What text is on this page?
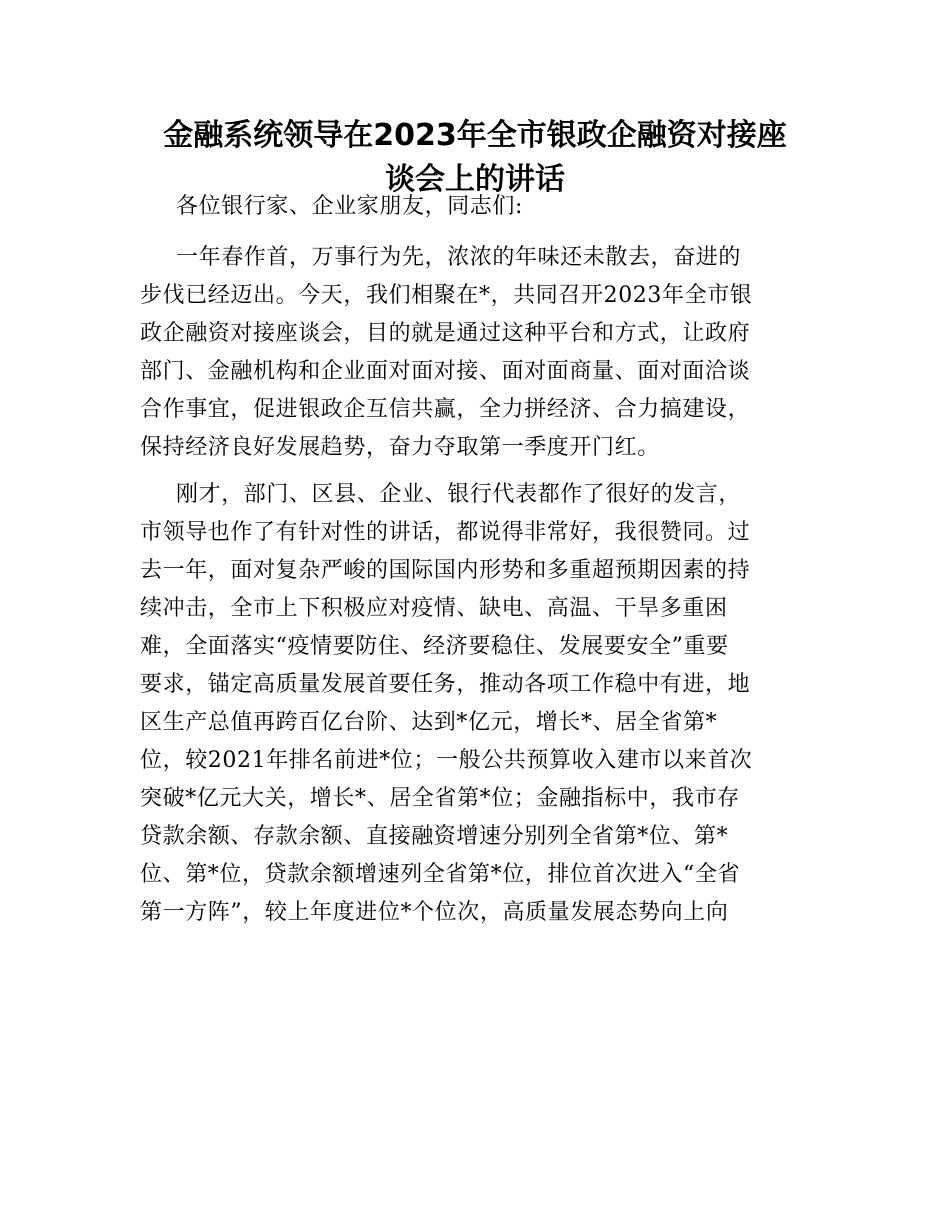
金融系统领导在2023年全市银政企融资对接座
谈会上的讲话

各位银行家、企业家朋友，同志们:

一年春作首，万事行为先，浓浓的年味还未散去，奋进的
步伐已经迈出。今天，我们相聚在*，共同召开2023年全市银
政企融资对接座谈会，目的就是通过这种平台和方式，让政府
部门、金融机构和企业面对面对接、面对面商量、面对面洽谈
合作事宜，促进银政企互信共赢，全力拼经济、合力搞建设，
保持经济良好发展趋势，奋力夺取第一季度开门红。

刚才，部门、区县、企业、银行代表都作了很好的发言，
市领导也作了有针对性的讲话，都说得非常好，我很赞同。过
去一年，面对复杂严峻的国际国内形势和多重超预期因素的持
续冲击，全市上下积极应对疫情、缺电、高温、干旱多重困
难，全面落实“疫情要防住、经济要稳住、发展要安全”重要
要求，锚定高质量发展首要任务，推动各项工作稳中有进，地
区生产总值再跨百亿台阶、达到*亿元，增长*、居全省第*
位，较2021年排名前进*位；一般公共预算收入建市以来首次
突破*亿元大关，增长*、居全省第*位；金融指标中，我市存
贷款余额、存款余额、直接融资增速分别列全省第*位、第*
位、第*位，贷款余额增速列全省第*位，排位首次进入“全省
第一方阵”，较上年度进位*个位次，高质量发展态势向上向
